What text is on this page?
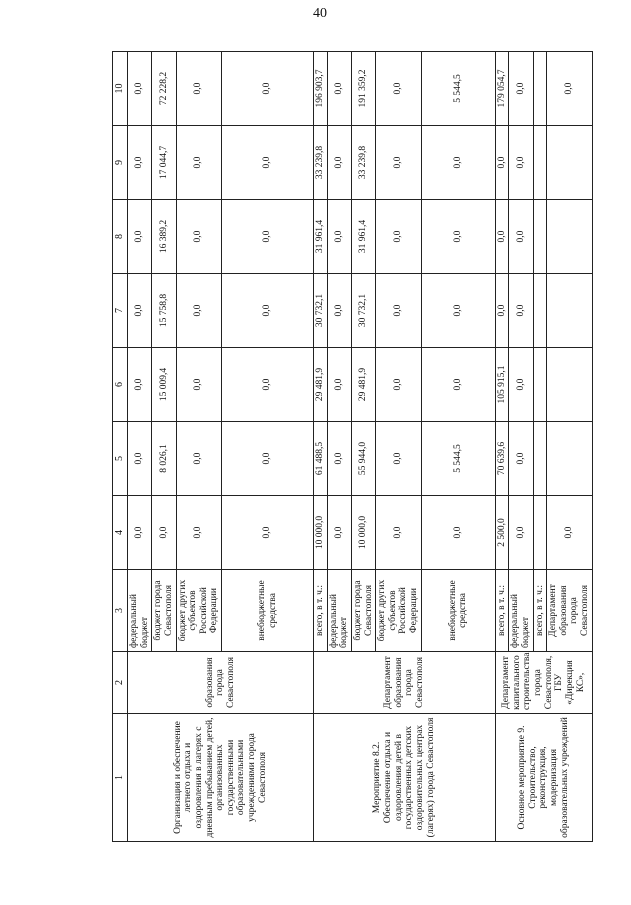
40
1	2	3	4	5	6	7	8	9	10
Организация и обеспечение летнего отдыха и оздоровления в лагерях с дневным пребыванием детей, организованных государственными образовательными учреждениями города Севастополя	образования города Севастополя	федеральный бюджет	0,0	0,0	0,0	0,0	0,0	0,0	0,0
		бюджет города Севастополя	0,0	8 026,1	15 009,4	15 758,8	16 389,2	17 044,7	72 228,2
		бюджет других субъектов Российской Федерации	0,0	0,0	0,0	0,0	0,0	0,0	0,0
		внебюджетные средства	0,0	0,0	0,0	0,0	0,0	0,0	0,0
Мероприятие 8.2. Обеспечение отдыха и оздоровления детей в государственных детских оздоровительных центрах (лагерях) города Севастополя	Департамент образования города Севастополя	всего, в т. ч.:	10 000,0	61 488,5	29 481,9	30 732,1	31 961,4	33 239,8	196 903,7
		федеральный бюджет	0,0	0,0	0,0	0,0	0,0	0,0	0,0
		бюджет города Севастополя	10 000,0	55 944,0	29 481,9	30 732,1	31 961,4	33 239,8	191 359,2
		бюджет других субъектов Российской Федерации	0,0	0,0	0,0	0,0	0,0	0,0	0,0
		внебюджетные средства	0,0	5 544,5	0,0	0,0	0,0	0,0	5 544,5
Основное мероприятие 9. Строительство, реконструкция, модернизация образовательных учреждений	Департамент капитального строительства города Севастополя, ГБУ «Дирекция КС»,	всего, в т. ч.:	2 500,0	70 639,6	105 915,1	0,0	0,0	0,0	179 054,7
		федеральный бюджет	0,0	0,0	0,0	0,0	0,0	0,0	0,0
		всего, в т. ч.:							
		Департамент образования города Севастополя	0,0						0,0
